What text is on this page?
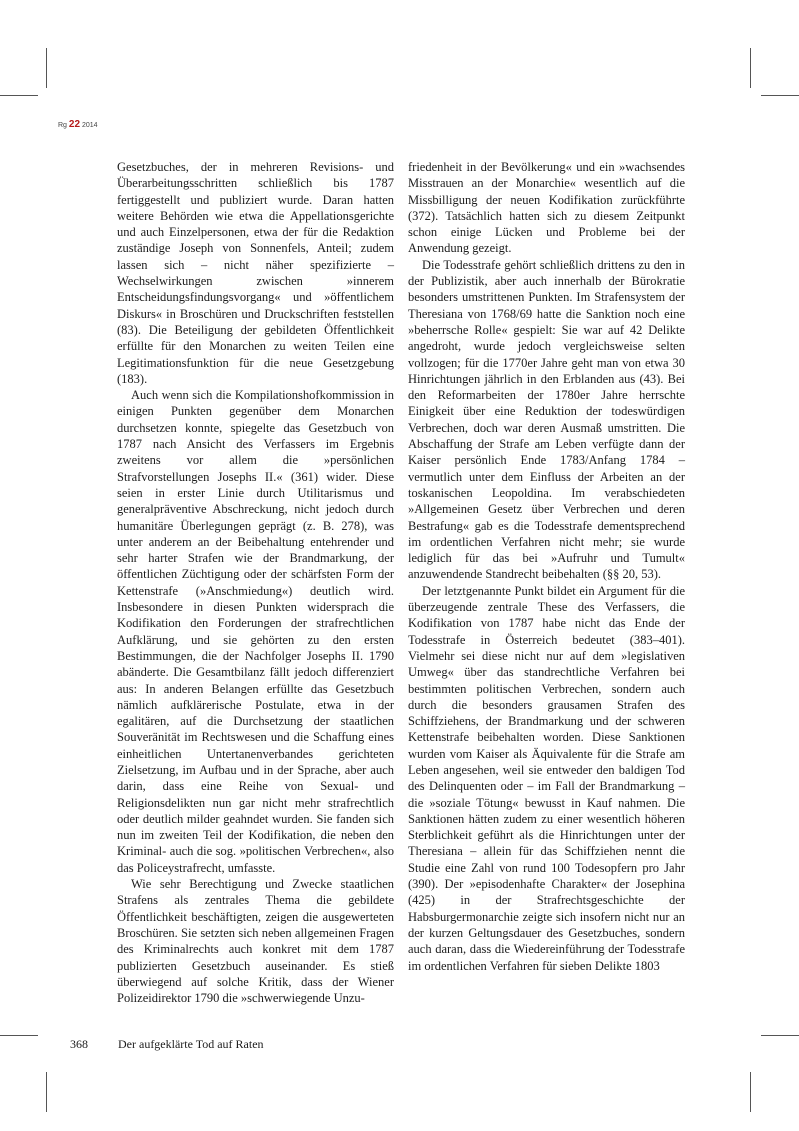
Rg 22 2014

Gesetzbuches, der in mehreren Revisions- und Überarbeitungsschritten schließlich bis 1787 fertiggestellt und publiziert wurde. Daran hatten weitere Behörden wie etwa die Appellationsgerichte und auch Einzelpersonen, etwa der für die Redaktion zuständige Joseph von Sonnenfels, Anteil; zudem lassen sich – nicht näher spezifizierte – Wechselwirkungen zwischen »innerem Entscheidungsfindungsvorgang« und »öffentlichem Diskurs« in Broschüren und Druckschriften feststellen (83). Die Beteiligung der gebildeten Öffentlichkeit erfüllte für den Monarchen zu weiten Teilen eine Legitimationsfunktion für die neue Gesetzgebung (183).

Auch wenn sich die Kompilationshofkommission in einigen Punkten gegenüber dem Monarchen durchsetzen konnte, spiegelte das Gesetzbuch von 1787 nach Ansicht des Verfassers im Ergebnis zweitens vor allem die »persönlichen Strafvorstellungen Josephs II.« (361) wider. Diese seien in erster Linie durch Utilitarismus und generalpräventive Abschreckung, nicht jedoch durch humanitäre Überlegungen geprägt (z. B. 278), was unter anderem an der Beibehaltung entehrender und sehr harter Strafen wie der Brandmarkung, der öffentlichen Züchtigung oder der schärfsten Form der Kettenstrafe (»Anschmiedung«) deutlich wird. Insbesondere in diesen Punkten widersprach die Kodifikation den Forderungen der strafrechtlichen Aufklärung, und sie gehörten zu den ersten Bestimmungen, die der Nachfolger Josephs II. 1790 abänderte. Die Gesamtbilanz fällt jedoch differenziert aus: In anderen Belangen erfüllte das Gesetzbuch nämlich aufklärerische Postulate, etwa in der egalitären, auf die Durchsetzung der staatlichen Souveränität im Rechtswesen und die Schaffung eines einheitlichen Untertanenverbandes gerichteten Zielsetzung, im Aufbau und in der Sprache, aber auch darin, dass eine Reihe von Sexual- und Religionsdelikten nun gar nicht mehr strafrechtlich oder deutlich milder geahndet wurden. Sie fanden sich nun im zweiten Teil der Kodifikation, die neben den Kriminal- auch die sog. »politischen Verbrechen«, also das Policeystrafrecht, umfasste.

Wie sehr Berechtigung und Zwecke staatlichen Strafens als zentrales Thema die gebildete Öffentlichkeit beschäftigten, zeigen die ausgewerteten Broschüren. Sie setzten sich neben allgemeinen Fragen des Kriminalrechts auch konkret mit dem 1787 publizierten Gesetzbuch auseinander. Es stieß überwiegend auf solche Kritik, dass der Wiener Polizeidirektor 1790 die »schwerwiegende Unzu-

friedenheit in der Bevölkerung« und ein »wachsendes Misstrauen an der Monarchie« wesentlich auf die Missbilligung der neuen Kodifikation zurückführte (372). Tatsächlich hatten sich zu diesem Zeitpunkt schon einige Lücken und Probleme bei der Anwendung gezeigt.

Die Todesstrafe gehört schließlich drittens zu den in der Publizistik, aber auch innerhalb der Bürokratie besonders umstrittenen Punkten. Im Strafensystem der Theresiana von 1768/69 hatte die Sanktion noch eine »beherrsche Rolle« gespielt: Sie war auf 42 Delikte angedroht, wurde jedoch vergleichsweise selten vollzogen; für die 1770er Jahre geht man von etwa 30 Hinrichtungen jährlich in den Erblanden aus (43). Bei den Reformarbeiten der 1780er Jahre herrschte Einigkeit über eine Reduktion der todeswürdigen Verbrechen, doch war deren Ausmaß umstritten. Die Abschaffung der Strafe am Leben verfügte dann der Kaiser persönlich Ende 1783/Anfang 1784 – vermutlich unter dem Einfluss der Arbeiten an der toskanischen Leopoldina. Im verabschiedeten »Allgemeinen Gesetz über Verbrechen und deren Bestrafung« gab es die Todesstrafe dementsprechend im ordentlichen Verfahren nicht mehr; sie wurde lediglich für das bei »Aufruhr und Tumult« anzuwendende Standrecht beibehalten (§§ 20, 53).

Der letztgenannte Punkt bildet ein Argument für die überzeugende zentrale These des Verfassers, die Kodifikation von 1787 habe nicht das Ende der Todesstrafe in Österreich bedeutet (383–401). Vielmehr sei diese nicht nur auf dem »legislativen Umweg« über das standrechtliche Verfahren bei bestimmten politischen Verbrechen, sondern auch durch die besonders grausamen Strafen des Schiffziehens, der Brandmarkung und der schweren Kettenstrafe beibehalten worden. Diese Sanktionen wurden vom Kaiser als Äquivalente für die Strafe am Leben angesehen, weil sie entweder den baldigen Tod des Delinquenten oder – im Fall der Brandmarkung – die »soziale Tötung« bewusst in Kauf nahmen. Die Sanktionen hätten zudem zu einer wesentlich höheren Sterblichkeit geführt als die Hinrichtungen unter der Theresiana – allein für das Schiffziehen nennt die Studie eine Zahl von rund 100 Todesopfern pro Jahr (390). Der »episodenhafte Charakter« der Josephina (425) in der Strafrechtsgeschichte der Habsburgermonarchie zeigte sich insofern nicht nur an der kurzen Geltungsdauer des Gesetzbuches, sondern auch daran, dass die Wiedereinführung der Todesstrafe im ordentlichen Verfahren für sieben Delikte 1803

368	Der aufgeklärte Tod auf Raten
